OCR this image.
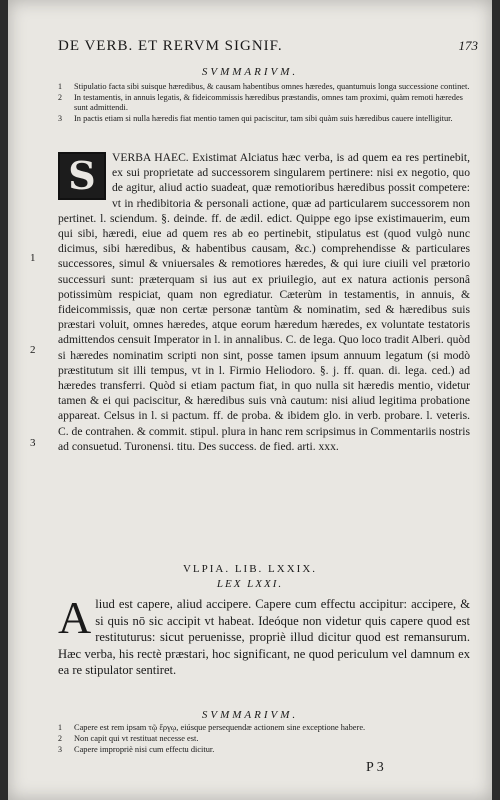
DE VERB. ET RERVM SIGNIF.	173
SVMMARIVM.
1 Stipulatio facta sibi suisque hæredibus, & causam habentibus omnes hæredes, quantumuis longa successione continet.
2 In testamentis, in annuis legatis, & fideicommissis hæredibus præstandis, omnes tam proximi, quàm remoti hæredes sunt admittendi.
3 In pactis etiam si nulla hæredis fiat mentio tamen qui paciscitur, tam sibi quàm suis hæredibus cauere intelligitur.
1
2
3
S	VERBA HAEC. Existimat Alciatus hæc verba, is ad quem ea res pertinebit, ex sui proprietate ad successorem singularem pertinere: nisi ex negotio, quo de agitur, aliud actio suadeat, quæ remotioribus hæredibus possit competere: vt in rhedibitoria & personali actione, quæ ad particularem successorem non pertinet. l. sciendum. §. deinde. ff. de ædil. edict. Quippe ego ipse existimauerim, eum qui sibi, hæredi, eiue ad quem res ab eo pertinebit, stipulatus est (quod vulgò nunc dicimus, sibi hæredibus, & habentibus causam, &c.) comprehendisse & particulares successores, simul & vniuersales & remotiores hæredes, & qui iure ciuili vel prætorio successuri sunt: præterquam si ius aut ex priuilegio, aut ex natura actionis personâ potissimùm respiciat, quam non egrediatur. Cæterùm in testamentis, in annuis, & fideicommissis, quæ non certæ personæ tantùm & nominatim, sed & hæredibus suis præstari voluit, omnes hæredes, atque eorum hæredum hæredes, ex voluntate testatoris admittendos censuit Imperator in l. in annalibus. C. de lega. Quo loco tradit Alberi. quòd si hæredes nominatim scripti non sint, posse tamen ipsum annuum legatum (si modò præstitutum sit illi tempus, vt in l. Firmio Heliodoro. §. j. ff. quan. di. lega. ced.) ad hæredes transferri. Quòd si etiam pactum fiat, in quo nulla sit hæredis mentio, videtur tamen & ei qui paciscitur, & hæredibus suis vnà cautum: nisi aliud legitima probatione appareat. Celsus in l. si pactum. ff. de proba. & ibidem glo. in verb. probare. l. veteris. C. de contrahen. & commit. stipul. plura in hanc rem scripsimus in Commentariis nostris ad consuetud. Turonensi. titu. Des success. de fied. arti. xxx.
VLPIA. LIB. LXXIX.
LEX LXXI.
A liud est capere, aliud accipere. Capere cum effectu accipitur: accipere, & si quis nō sic accipit vt habeat. Ideóque non videtur quis capere quod est restituturus: sicut peruenisse, propriè illud dicitur quod est remansurum. Hæc verba, his rectè præstari, hoc significant, ne quod periculum vel damnum ex ea re stipulator sentiret.
SVMMARIVM.
1 Capere est rem ipsam τῷ ἔργῳ, eiúsque persequendæ actionem sine exceptione habere.
2 Non capit qui vt restituat necesse est.
3 Capere impropriè nisi cum effectu dicitur.
P 3
